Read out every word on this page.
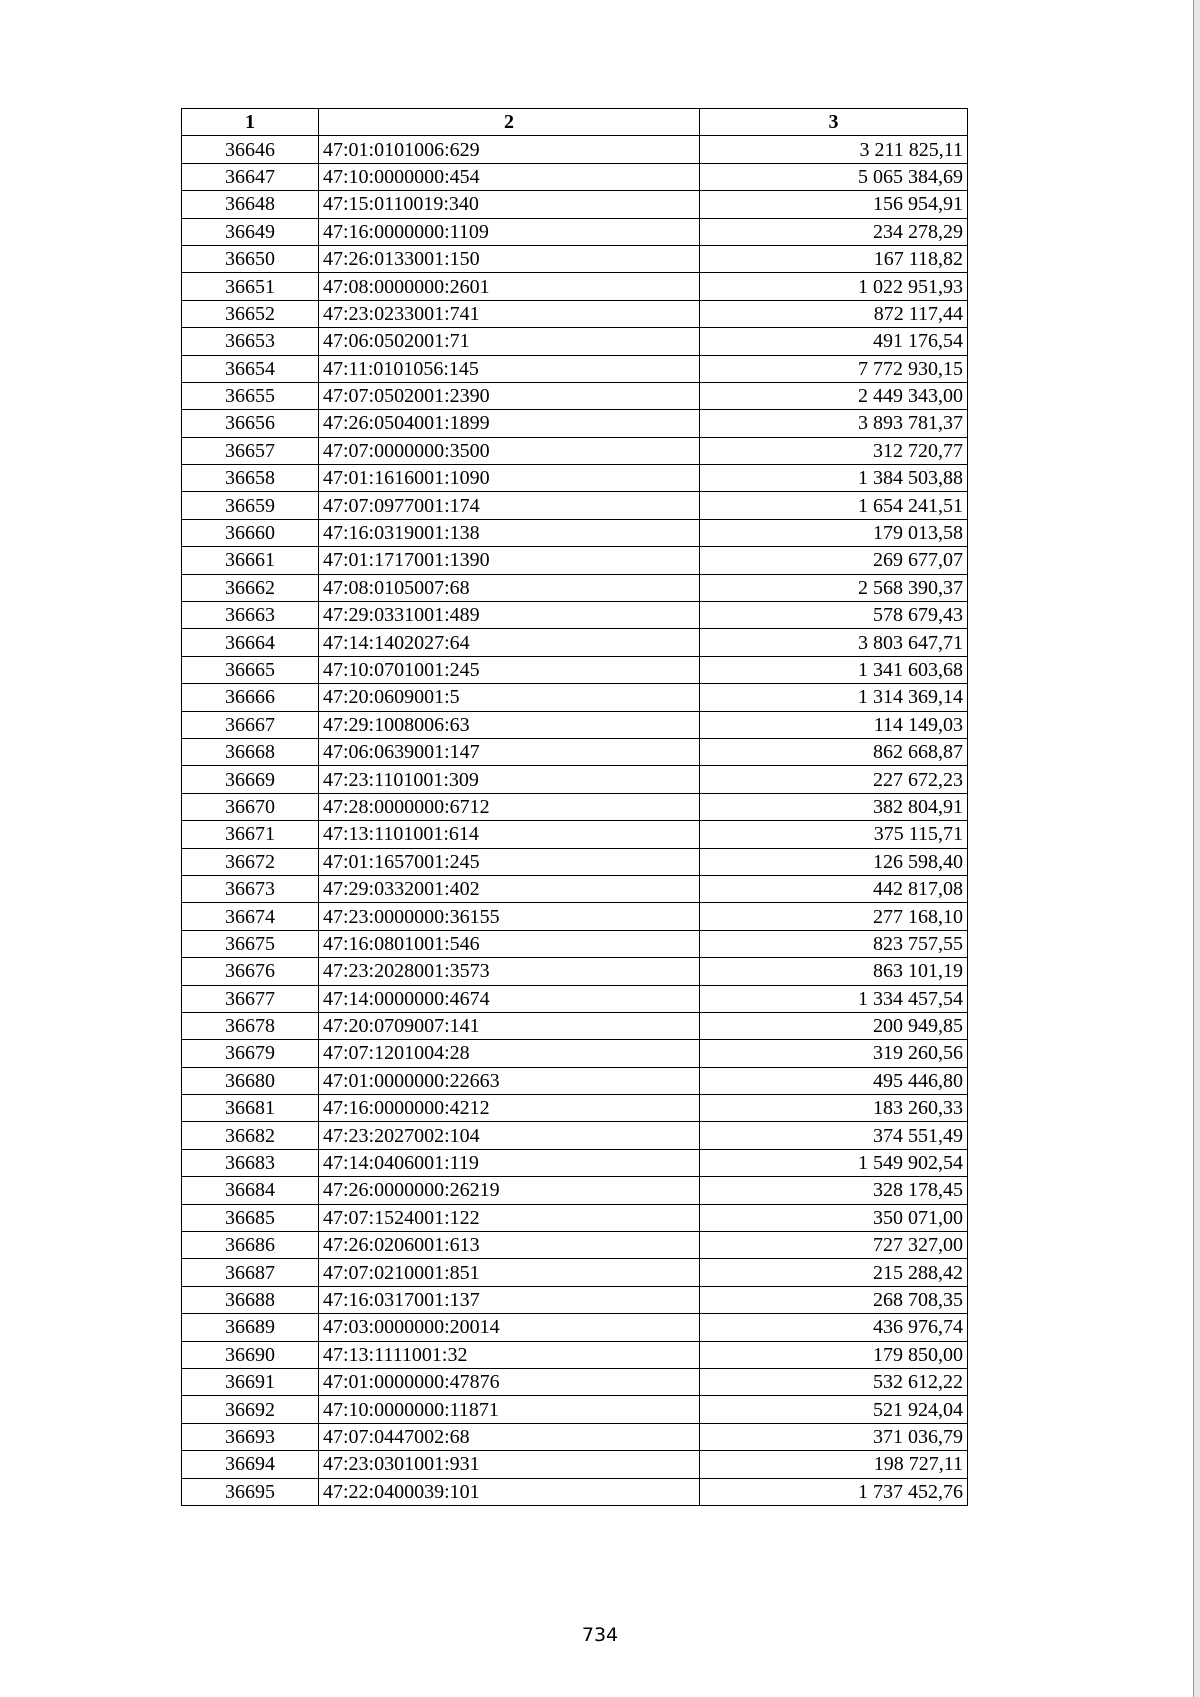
1	2	3
36646	47:01:0101006:629	3 211 825,11
36647	47:10:0000000:454	5 065 384,69
36648	47:15:0110019:340	156 954,91
36649	47:16:0000000:1109	234 278,29
36650	47:26:0133001:150	167 118,82
36651	47:08:0000000:2601	1 022 951,93
36652	47:23:0233001:741	872 117,44
36653	47:06:0502001:71	491 176,54
36654	47:11:0101056:145	7 772 930,15
36655	47:07:0502001:2390	2 449 343,00
36656	47:26:0504001:1899	3 893 781,37
36657	47:07:0000000:3500	312 720,77
36658	47:01:1616001:1090	1 384 503,88
36659	47:07:0977001:174	1 654 241,51
36660	47:16:0319001:138	179 013,58
36661	47:01:1717001:1390	269 677,07
36662	47:08:0105007:68	2 568 390,37
36663	47:29:0331001:489	578 679,43
36664	47:14:1402027:64	3 803 647,71
36665	47:10:0701001:245	1 341 603,68
36666	47:20:0609001:5	1 314 369,14
36667	47:29:1008006:63	114 149,03
36668	47:06:0639001:147	862 668,87
36669	47:23:1101001:309	227 672,23
36670	47:28:0000000:6712	382 804,91
36671	47:13:1101001:614	375 115,71
36672	47:01:1657001:245	126 598,40
36673	47:29:0332001:402	442 817,08
36674	47:23:0000000:36155	277 168,10
36675	47:16:0801001:546	823 757,55
36676	47:23:2028001:3573	863 101,19
36677	47:14:0000000:4674	1 334 457,54
36678	47:20:0709007:141	200 949,85
36679	47:07:1201004:28	319 260,56
36680	47:01:0000000:22663	495 446,80
36681	47:16:0000000:4212	183 260,33
36682	47:23:2027002:104	374 551,49
36683	47:14:0406001:119	1 549 902,54
36684	47:26:0000000:26219	328 178,45
36685	47:07:1524001:122	350 071,00
36686	47:26:0206001:613	727 327,00
36687	47:07:0210001:851	215 288,42
36688	47:16:0317001:137	268 708,35
36689	47:03:0000000:20014	436 976,74
36690	47:13:1111001:32	179 850,00
36691	47:01:0000000:47876	532 612,22
36692	47:10:0000000:11871	521 924,04
36693	47:07:0447002:68	371 036,79
36694	47:23:0301001:931	198 727,11
36695	47:22:0400039:101	1 737 452,76
734
